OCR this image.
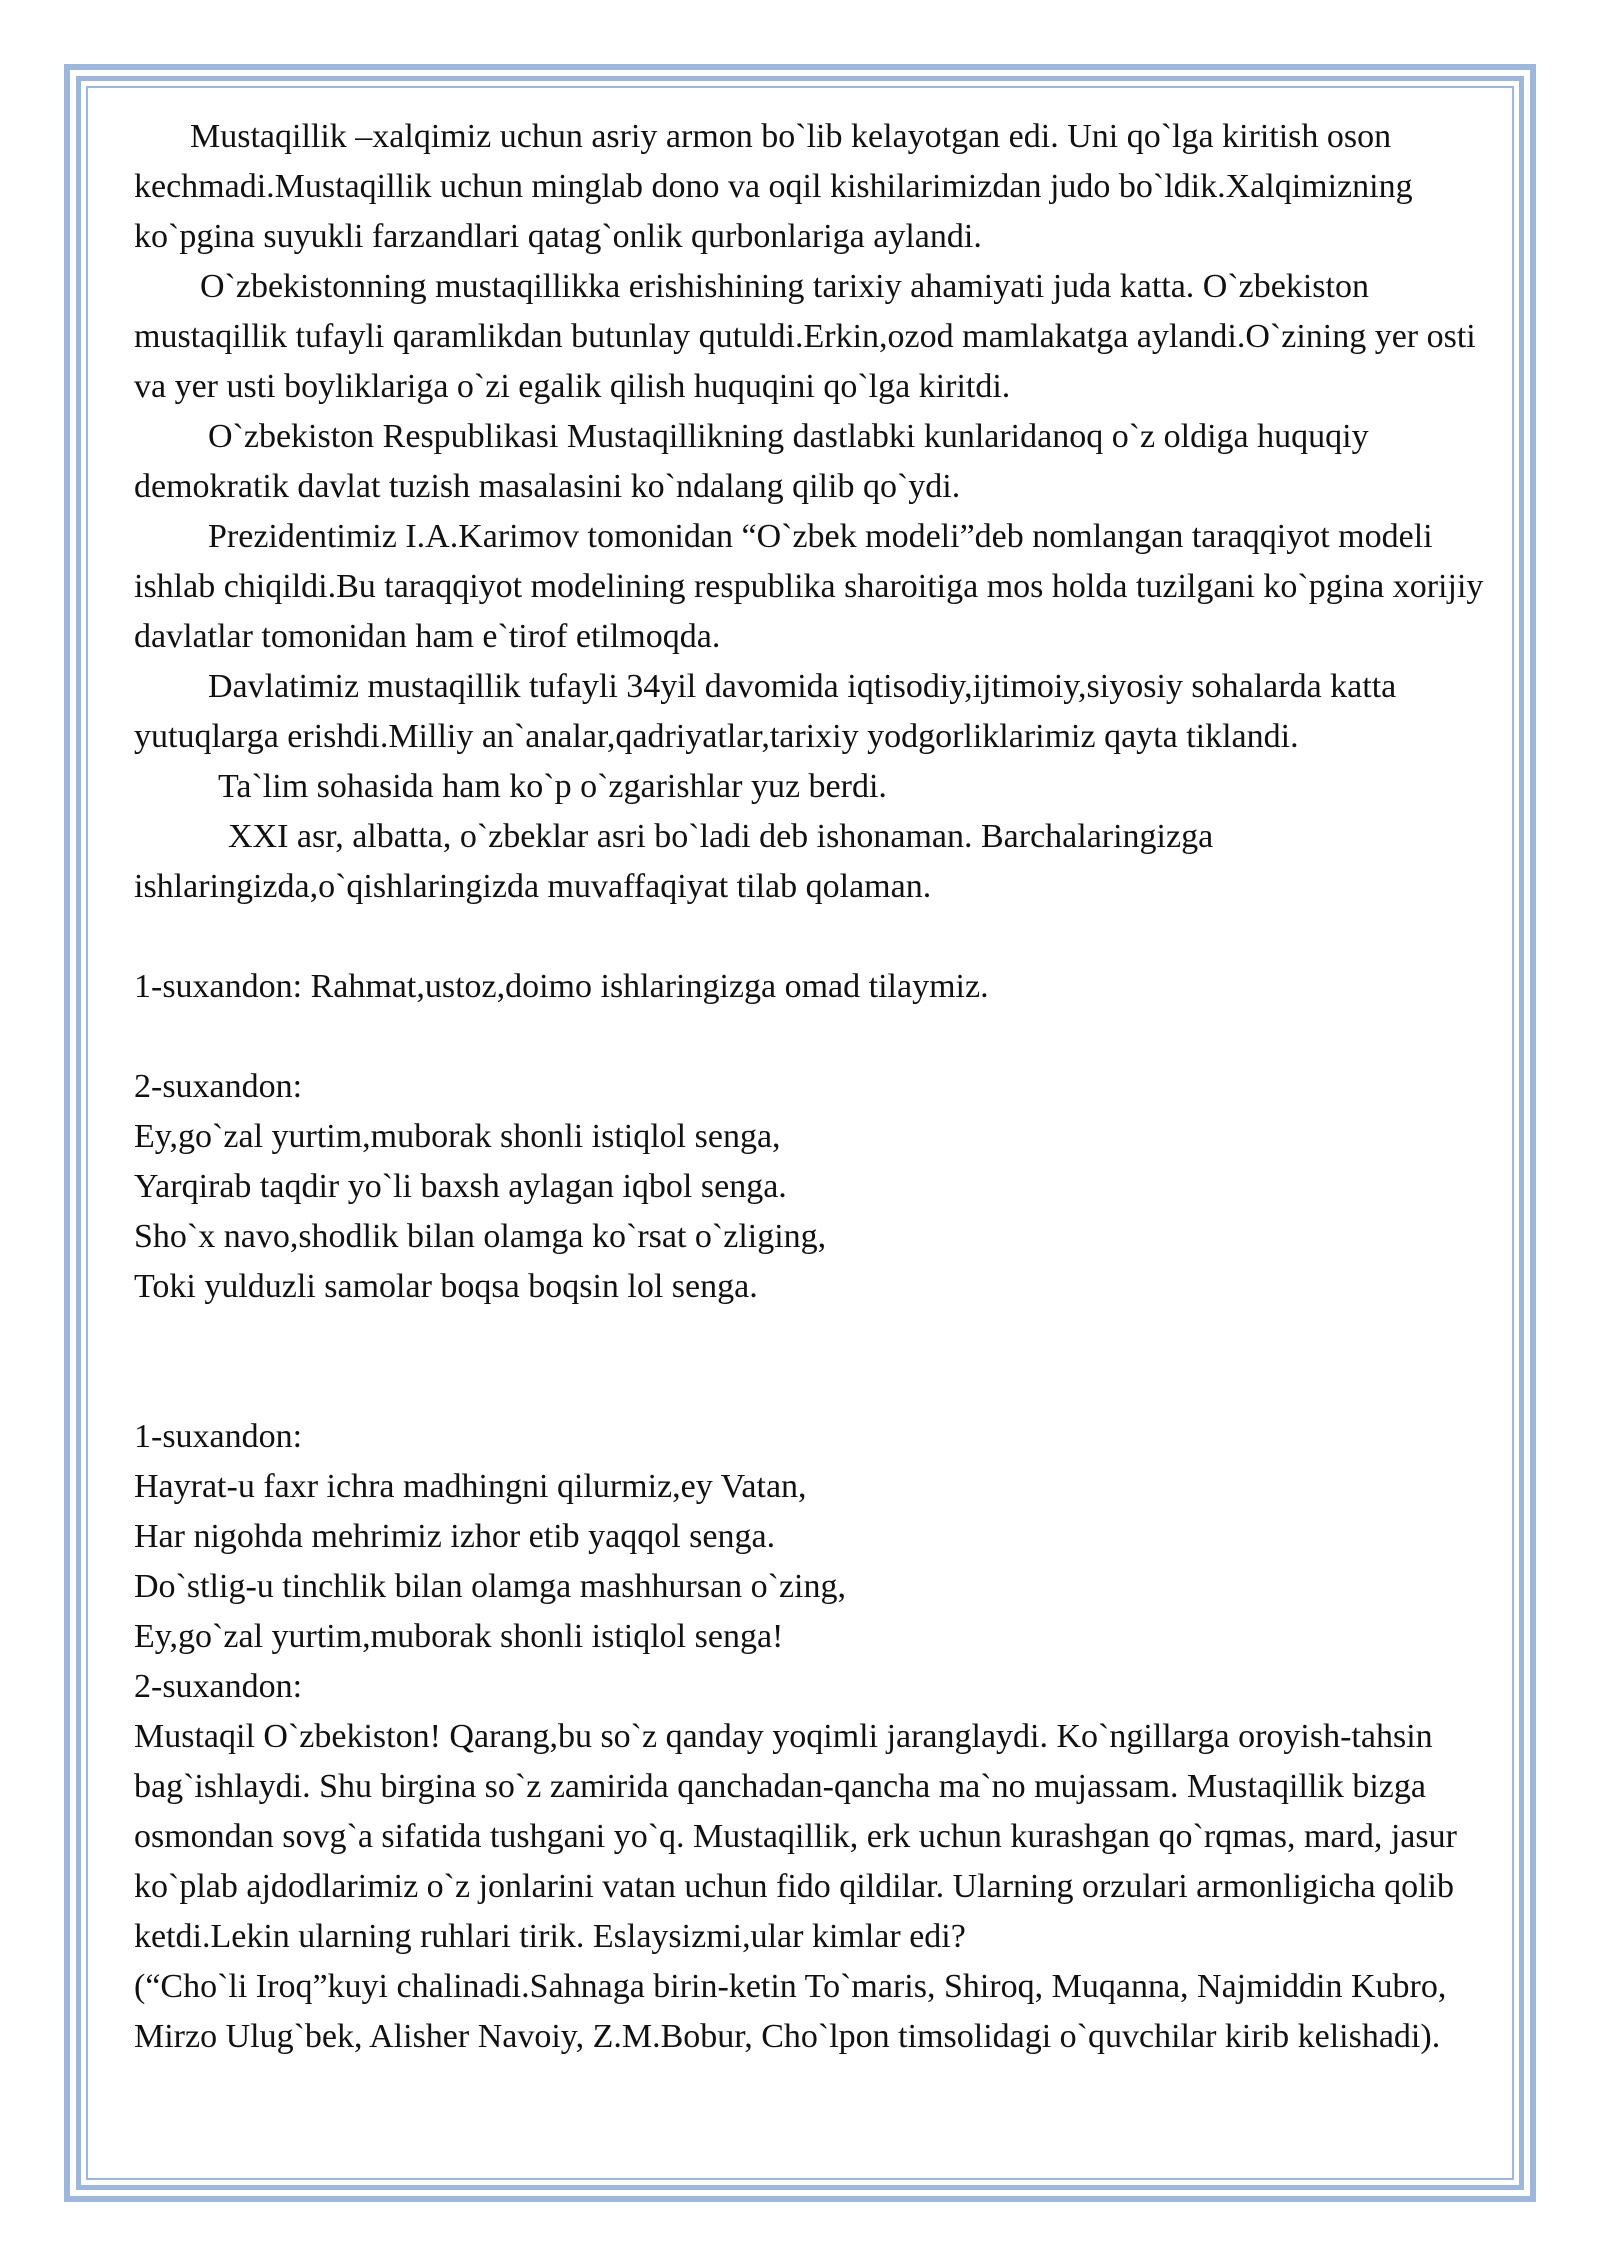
Mustaqillik –xalqimiz uchun asriy armon bo`lib kelayotgan edi. Uni qo`lga kiritish oson kechmadi.Mustaqillik uchun minglab dono va oqil kishilarimizdan judo bo`ldik.Xalqimizning ko`pgina suyukli farzandlari qatag`onlik qurbonlariga aylandi.

O`zbekistonning mustaqillikka erishishining tarixiy ahamiyati juda katta. O`zbekiston mustaqillik tufayli qaramlikdan butunlay qutuldi.Erkin,ozod mamlakatga aylandi.O`zining yer osti va yer usti boyliklariga o`zi egalik qilish huquqini qo`lga kiritdi.

O`zbekiston Respublikasi Mustaqillikning dastlabki kunlaridanoq o`z oldiga huquqiy demokratik davlat tuzish masalasini ko`ndalang qilib qo`ydi.

Prezidentimiz I.A.Karimov tomonidan “O`zbek modeli”deb nomlangan taraqqiyot modeli ishlab chiqildi.Bu taraqqiyot modelining respublika sharoitiga mos holda tuzilgani ko`pgina xorijiy davlatlar tomonidan ham e`tirof etilmoqda.

Davlatimiz mustaqillik tufayli 34yil davomida iqtisodiy,ijtimoiy,siyosiy sohalarda katta yutuqlarga erishdi.Milliy an`analar,qadriyatlar,tarixiy yodgorliklarimiz qayta tiklandi.

Ta`lim sohasida ham ko`p o`zgarishlar yuz berdi.

XXI asr, albatta, o`zbeklar asri bo`ladi deb ishonaman. Barchalaringizga ishlaringizda,o`qishlaringizda muvaffaqiyat tilab qolaman.

1-suxandon: Rahmat,ustoz,doimo ishlaringizga omad tilaymiz.

2-suxandon:

Ey,go`zal yurtim,muborak shonli istiqlol senga,

Yarqirab taqdir yo`li baxsh aylagan iqbol senga.

Sho`x navo,shodlik bilan olamga ko`rsat o`zliging,

Toki yulduzli samolar boqsa boqsin lol senga.

1-suxandon:

Hayrat-u faxr ichra madhingni qilurmiz,ey Vatan,

Har nigohda mehrimiz izhor etib yaqqol senga.

Do`stlig-u tinchlik bilan olamga mashhursan o`zing,

Ey,go`zal yurtim,muborak shonli istiqlol senga!

2-suxandon:

Mustaqil O`zbekiston! Qarang,bu so`z qanday yoqimli jaranglaydi. Ko`ngillarga oroyish-tahsin bag`ishlaydi. Shu birgina so`z zamirida qanchadan-qancha ma`no mujassam. Mustaqillik bizga osmondan sovg`a sifatida tushgani yo`q. Mustaqillik, erk uchun kurashgan qo`rqmas, mard, jasur ko`plab ajdodlarimiz o`z jonlarini vatan uchun fido qildilar. Ularning orzulari armonligicha qolib ketdi.Lekin ularning ruhlari tirik. Eslaysizmi,ular kimlar edi?

(“Cho`li Iroq”kuyi chalinadi.Sahnaga birin-ketin To`maris, Shiroq, Muqanna, Najmiddin Kubro, Mirzo Ulug`bek, Alisher Navoiy, Z.M.Bobur, Cho`lpon timsolidagi o`quvchilar kirib kelishadi).
